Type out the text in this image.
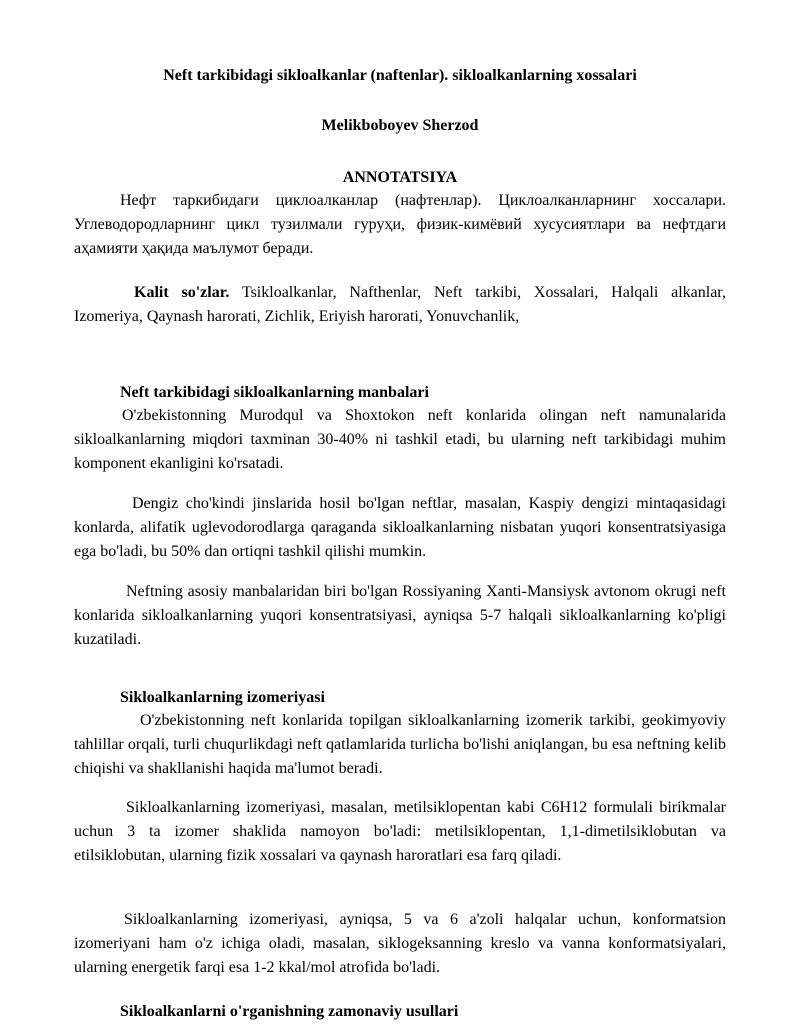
Neft tarkibidagi sikloalkanlar (naftenlar). sikloalkanlarning xossalari
Melikboboyev Sherzod
ANNOTATSIYA
Нефт таркибидаги циклоалканлар (нафтенлар). Циклоалканларнинг хоссалари. Углеводородларнинг цикл тузилмали гуруҳи, физик-кимёвий хусусиятлари ва нефтдаги аҳамияти ҳақида маълумот беради.
Kalit so'zlar. Tsikloalkanlar, Nafthenlar, Neft tarkibi, Xossalari, Halqali alkanlar, Izomeriya, Qaynash harorati, Zichlik, Eriyish harorati, Yonuvchanlik,
Neft tarkibidagi sikloalkanlarning manbalari
O'zbekistonning Murodqul va Shoxtokon neft konlarida olingan neft namunalarida sikloalkanlarning miqdori taxminan 30-40% ni tashkil etadi, bu ularning neft tarkibidagi muhim komponent ekanligini ko'rsatadi.
Dengiz cho'kindi jinslarida hosil bo'lgan neftlar, masalan, Kaspiy dengizi mintaqasidagi konlarda, alifatik uglevodorodlarga qaraganda sikloalkanlarning nisbatan yuqori konsentratsiyasiga ega bo'ladi, bu 50% dan ortiqni tashkil qilishi mumkin.
Neftning asosiy manbalaridan biri bo'lgan Rossiyaning Xanti-Mansiysk avtonom okrugi neft konlarida sikloalkanlarning yuqori konsentratsiyasi, ayniqsa 5-7 halqali sikloalkanlarning ko'pligi kuzatiladi.
Sikloalkanlarning izomeriyasi
O'zbekistonning neft konlarida topilgan sikloalkanlarning izomerik tarkibi, geokimyoviy tahlillar orqali, turli chuqurlikdagi neft qatlamlarida turlicha bo'lishi aniqlangan, bu esa neftning kelib chiqishi va shakllanishi haqida ma'lumot beradi.
Sikloalkanlarning izomeriyasi, masalan, metilsiklopentan kabi C6H12 formulali birikmalar uchun 3 ta izomer shaklida namoyon bo'ladi: metilsiklopentan, 1,1-dimetilsiklobutan va etilsiklobutan, ularning fizik xossalari va qaynash haroratlari esa farq qiladi.
Sikloalkanlarning izomeriyasi, ayniqsa, 5 va 6 a'zoli halqalar uchun, konformatsion izomeriyani ham o'z ichiga oladi, masalan, siklogeksanning kreslo va vanna konformatsiyalari, ularning energetik farqi esa 1-2 kkal/mol atrofida bo'ladi.
Sikloalkanlarni o'rganishning zamonaviy usullari
